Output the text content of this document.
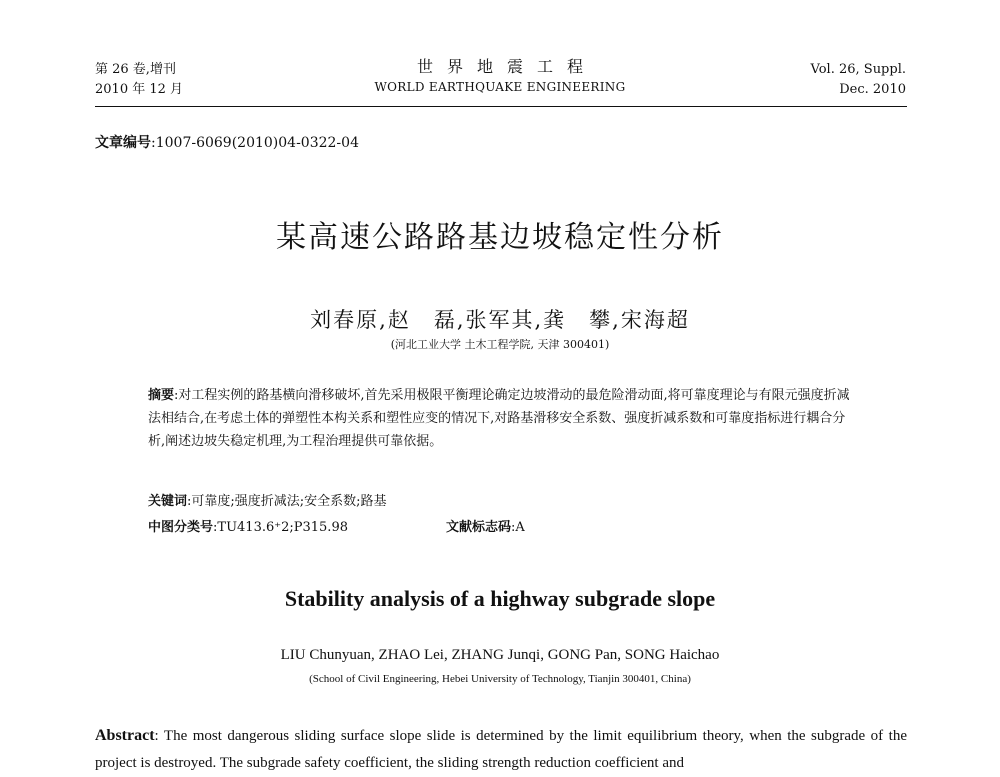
第 26 卷,增刊
2010 年 12 月
世界地震工程
WORLD EARTHQUAKE ENGINEERING
Vol. 26, Suppl.
Dec. 2010
文章编号:1007-6069(2010)04-0322-04
某高速公路路基边坡稳定性分析
刘春原,赵　磊,张军其,龚　攀,宋海超
(河北工业大学 土木工程学院, 天津 300401)
摘要:对工程实例的路基横向滑移破坏,首先采用极限平衡理论确定边坡滑动的最危险滑动面,将可靠度理论与有限元强度折减法相结合,在考虑土体的弹塑性本构关系和塑性应变的情况下,对路基滑移安全系数、强度折减系数和可靠度指标进行耦合分析,阐述边坡失稳定机理,为工程治理提供可靠依据。
关键词:可靠度;强度折减法;安全系数;路基
中图分类号:TU413.6⁺2;P315.98	文献标志码:A
Stability analysis of a highway subgrade slope
LIU Chunyuan, ZHAO Lei, ZHANG Junqi, GONG Pan, SONG Haichao
(School of Civil Engineering, Hebei University of Technology, Tianjin 300401, China)
Abstract: The most dangerous sliding surface slope slide is determined by the limit equilibrium theory, when the subgrade of the project is destroyed. The subgrade safety coefficient, the sliding strength reduction coefficient and
